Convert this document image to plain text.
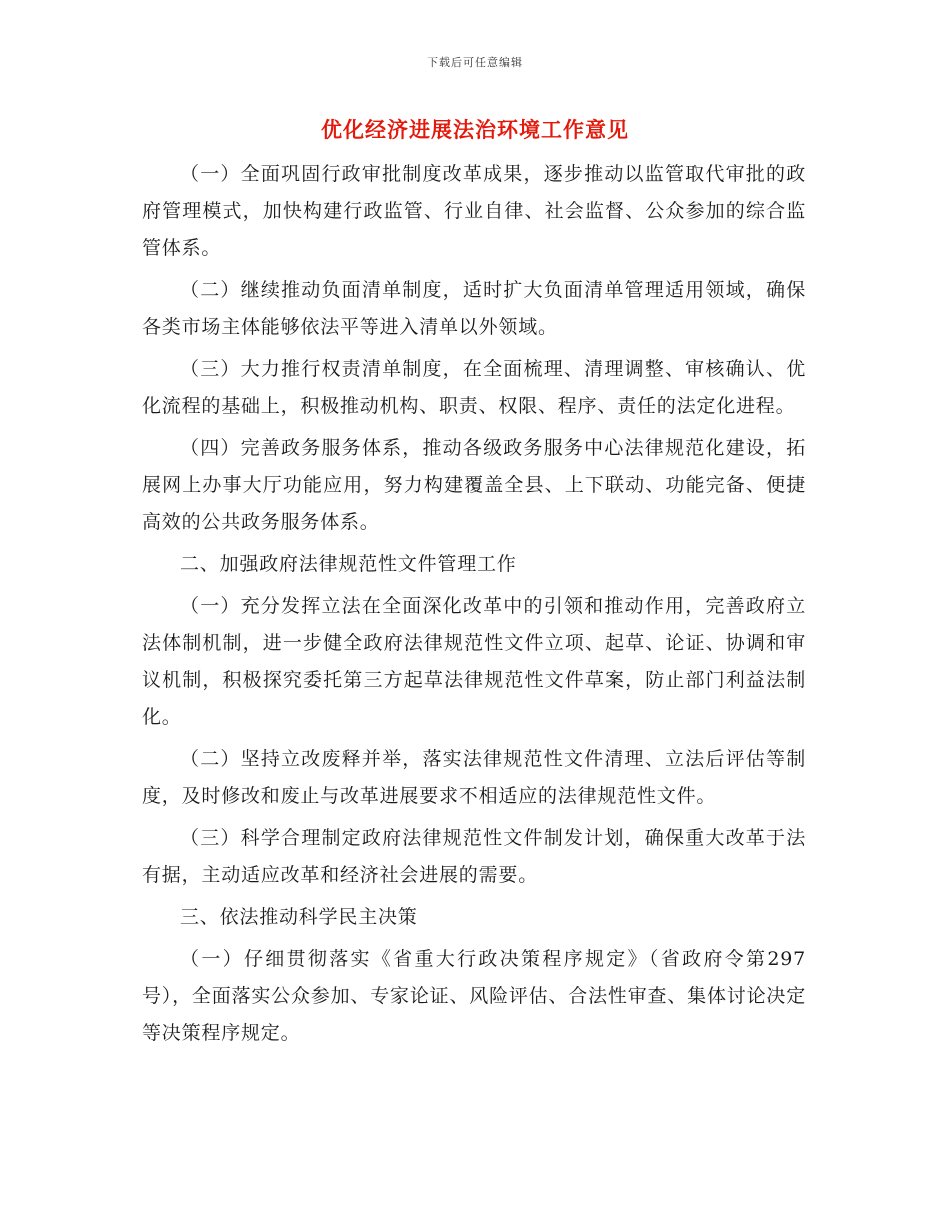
下载后可任意编辑
优化经济进展法治环境工作意见

（一）全面巩固行政审批制度改革成果，逐步推动以监管取代审批的政府管理模式，加快构建行政监管、行业自律、社会监督、公众参加的综合监管体系。

（二）继续推动负面清单制度，适时扩大负面清单管理适用领域，确保各类市场主体能够依法平等进入清单以外领域。

（三）大力推行权责清单制度，在全面梳理、清理调整、审核确认、优化流程的基础上，积极推动机构、职责、权限、程序、责任的法定化进程。

（四）完善政务服务体系，推动各级政务服务中心法律规范化建设，拓展网上办事大厅功能应用，努力构建覆盖全县、上下联动、功能完备、便捷高效的公共政务服务体系。

二、加强政府法律规范性文件管理工作

（一）充分发挥立法在全面深化改革中的引领和推动作用，完善政府立法体制机制，进一步健全政府法律规范性文件立项、起草、论证、协调和审议机制，积极探究委托第三方起草法律规范性文件草案，防止部门利益法制化。

（二）坚持立改废释并举，落实法律规范性文件清理、立法后评估等制度，及时修改和废止与改革进展要求不相适应的法律规范性文件。

（三）科学合理制定政府法律规范性文件制发计划，确保重大改革于法有据，主动适应改革和经济社会进展的需要。

三、依法推动科学民主决策

（一）仔细贯彻落实《省重大行政决策程序规定》（省政府令第297号），全面落实公众参加、专家论证、风险评估、合法性审查、集体讨论决定等决策程序规定。
